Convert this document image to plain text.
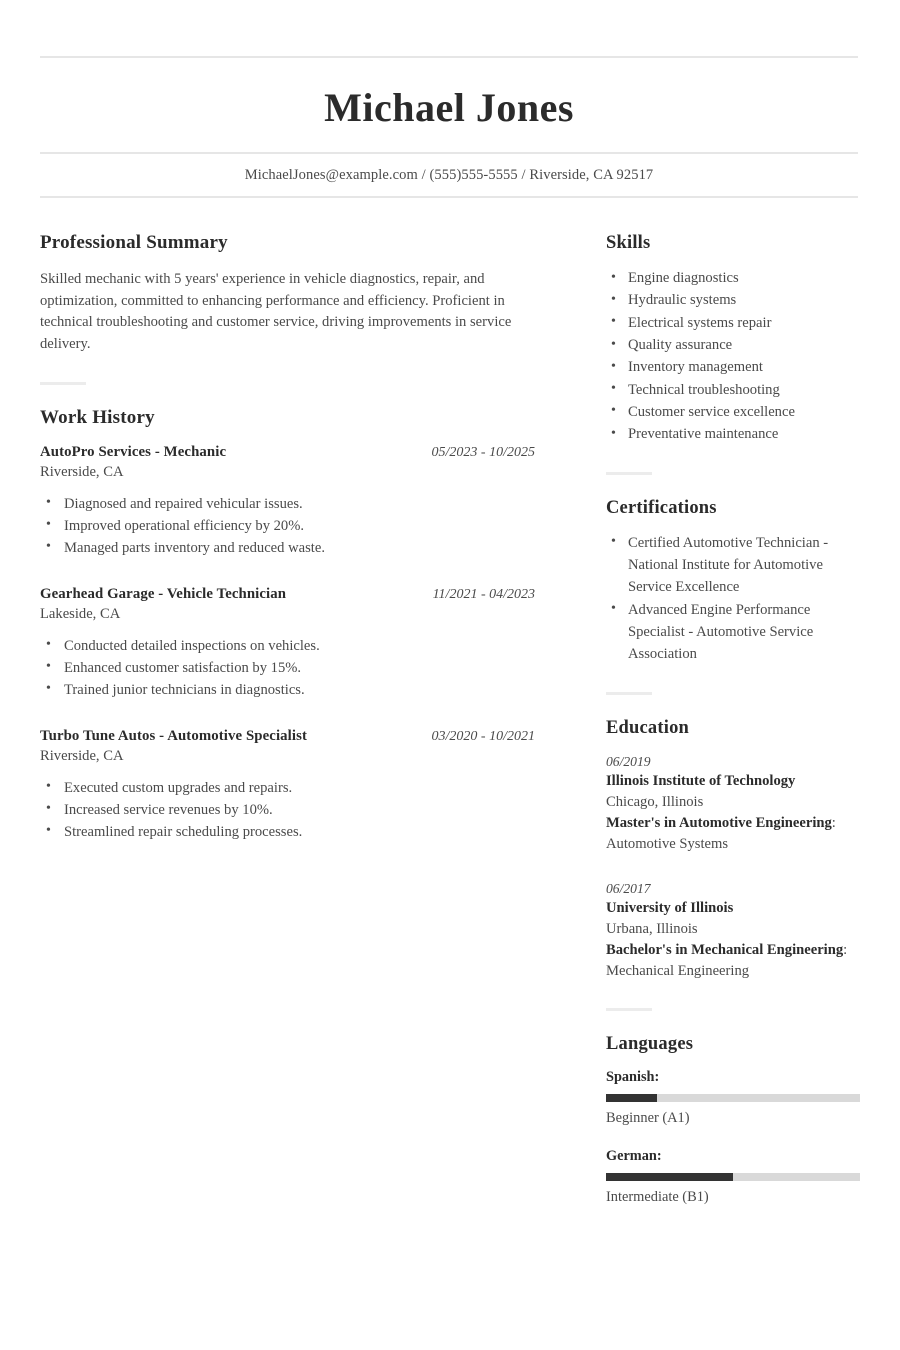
Michael Jones
MichaelJones@example.com / (555)555-5555 / Riverside, CA 92517
Professional Summary

Skilled mechanic with 5 years' experience in vehicle diagnostics, repair, and optimization, committed to enhancing performance and efficiency. Proficient in technical troubleshooting and customer service, driving improvements in service delivery.

Work History
AutoPro Services - Mechanic	05/2023 - 10/2025
Riverside, CA
• Diagnosed and repaired vehicular issues.
• Improved operational efficiency by 20%.
• Managed parts inventory and reduced waste.
Gearhead Garage - Vehicle Technician	11/2021 - 04/2023
Lakeside, CA
• Conducted detailed inspections on vehicles.
• Enhanced customer satisfaction by 15%.
• Trained junior technicians in diagnostics.
Turbo Tune Autos - Automotive Specialist	03/2020 - 10/2021
Riverside, CA
• Executed custom upgrades and repairs.
• Increased service revenues by 10%.
• Streamlined repair scheduling processes.
Skills
• Engine diagnostics
• Hydraulic systems
• Electrical systems repair
• Quality assurance
• Inventory management
• Technical troubleshooting
• Customer service excellence
• Preventative maintenance
Certifications
• Certified Automotive Technician - National Institute for Automotive Service Excellence
• Advanced Engine Performance Specialist - Automotive Service Association
Education
06/2019
Illinois Institute of Technology
Chicago, Illinois
Master's in Automotive Engineering:
Automotive Systems
06/2017
University of Illinois
Urbana, Illinois
Bachelor's in Mechanical Engineering:
Mechanical Engineering
Languages
Spanish:
Beginner (A1)
German:
Intermediate (B1)
